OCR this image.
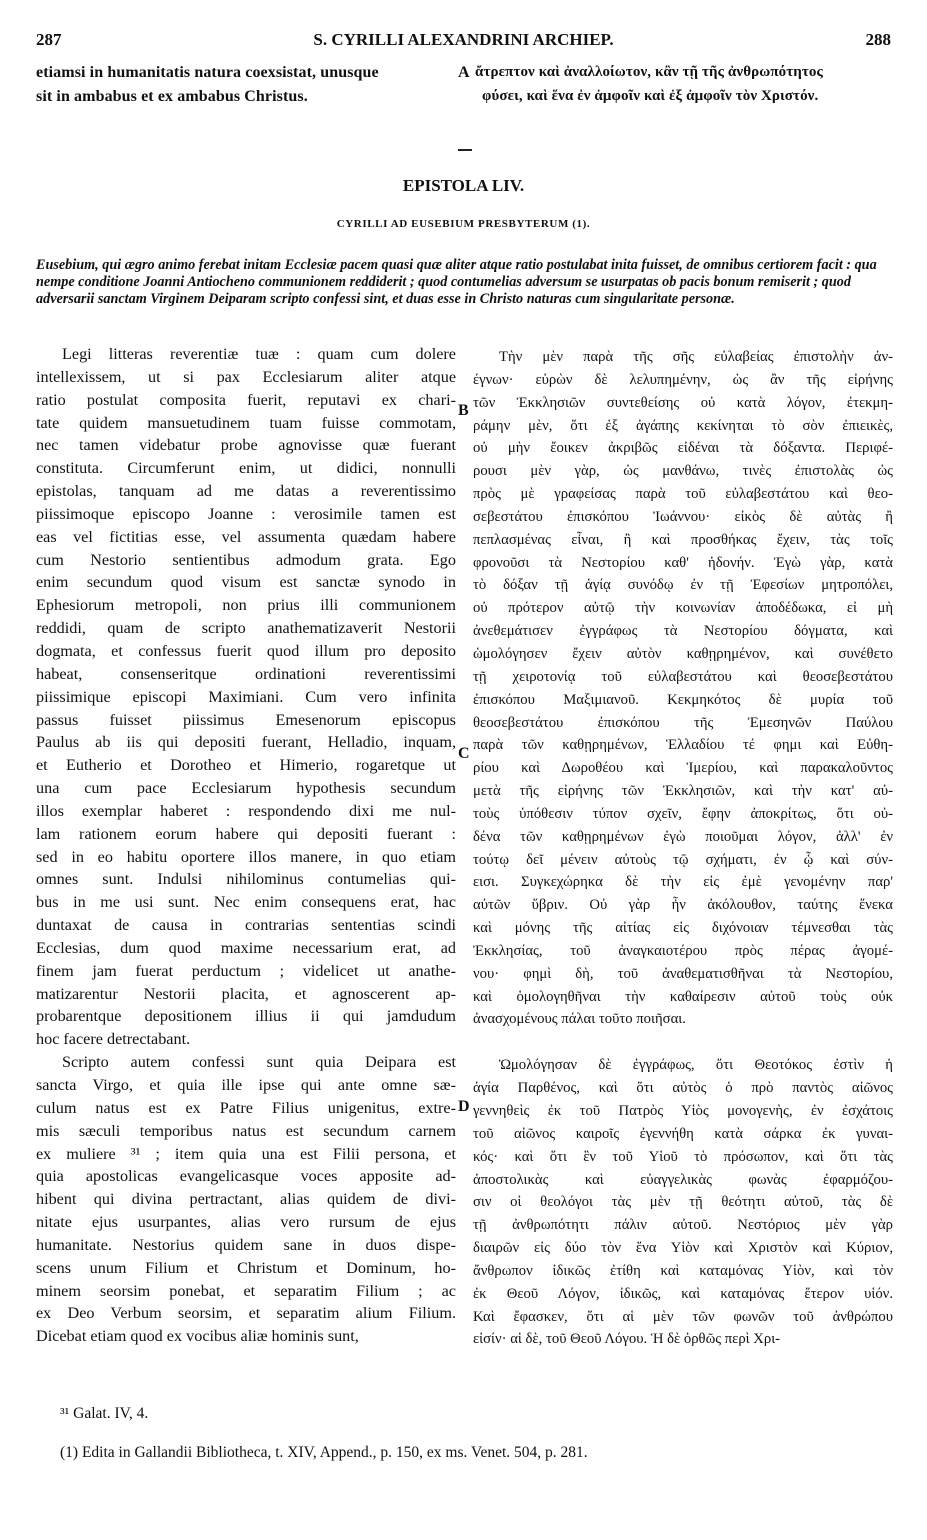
287	S. CYRILLI ALEXANDRINI ARCHIEP.	288
etiamsi in humanitatis natura coexsistat, unusque
sit in ambabus et ex ambabus Christus.
A ἄτρεπτον καὶ ἀναλλοίωτον, κἂν τῇ τῆς ἀνθρωπότητος
φύσει, καὶ ἕνα ἐν ἀμφοῖν καὶ ἐξ ἀμφοῖν τὸν Χριστόν.
EPISTOLA LIV.
CYRILLI AD EUSEBIUM PRESBYTERUM (1).
Eusebium, qui ægro animo ferebat initam Ecclesiæ pacem quasi quæ aliter atque ratio postulabat inita fuisset, de omnibus certiorem facit : qua nempe conditione Joanni Antiocheno communionem reddiderit ; quod contumelias adversum se usurpatas ob pacis bonum remiserit ; quod adversarii sanctam Virginem Deiparam scripto confessi sint, et duas esse in Christo naturas cum singularitate personæ.
Legi litteras reverentiæ tuæ : quam cum dolere
intellexissem, ut si pax Ecclesiarum aliter atque
ratio postulat composita fuerit, reputavi ex chari-
tate quidem mansuetudinem tuam fuisse commotam,
nec tamen videbatur probe agnovisse quæ fuerant
constituta. Circumferunt enim, ut didici, nonnulli
epistolas, tanquam ad me datas a reverentissimo
piissimoque episcopo Joanne : verosimile tamen est
eas vel fictitias esse, vel assumenta quædam habere
cum Nestorio sentientibus admodum grata. Ego
enim secundum quod visum est sanctæ synodo in
Ephesiorum metropoli, non prius illi communionem
reddidi, quam de scripto anathematizaverit Nestorii
dogmata, et confessus fuerit quod illum pro deposito
habeat, consenseritque ordinationi reverentissimi
piissimique episcopi Maximiani. Cum vero infinita
passus fuisset piissimus Emesenorum episcopus
Paulus ab iis qui depositi fuerant, Helladio, inquam,
et Eutherio et Dorotheo et Himerio, rogaretque ut
una cum pace Ecclesiarum hypothesis secundum
illos exemplar haberet : respondendo dixi me nul-
lam rationem eorum habere qui depositi fuerant :
sed in eo habitu oportere illos manere, in quo etiam
omnes sunt. Indulsi nihilominus contumelias qui-
bus in me usi sunt. Nec enim consequens erat, hac
duntaxat de causa in contrarias sententias scindi
Ecclesias, dum quod maxime necessarium erat, ad
finem jam fuerat perductum ; videlicet ut anathe-
matizarentur Nestorii placita, et agnoscerent ap-
probarentque depositionem illius ii qui jamdudum
hoc facere detrectabant.
Scripto autem confessi sunt quia Deipara est
sancta Virgo, et quia ille ipse qui ante omne sæ-
culum natus est ex Patre Filius unigenitus, extre-
mis sæculi temporibus natus est secundum carnem
ex muliere ³¹ ; item quia una est Filii persona, et
quia apostolicas evangelicasque voces apposite ad-
hibent qui divina pertractant, alias quidem de divi-
nitate ejus usurpantes, alias vero rursum de ejus
humanitate. Nestorius quidem sane in duos dispe-
scens unum Filium et Christum et Dominum, ho-
minem seorsim ponebat, et separatim Filium ; ac
ex Deo Verbum seorsim, et separatim alium Filium.
Dicebat etiam quod ex vocibus aliæ hominis sunt,
Τὴν μὲν παρὰ τῆς σῆς εὐλαβείας ἐπιστολὴν ἀν-
έγνων· εὑρὼν δὲ λελυπημένην, ὡς ἂν τῆς εἰρήνης
τῶν Ἐκκλησιῶν συντεθείσης οὐ κατὰ λόγον, ἐτεκμη-
ράμην μὲν, ὅτι ἐξ ἀγάπης κεκίνηται τὸ σὸν ἐπιεικὲς,
οὐ μὴν ἔοικεν ἀκριβῶς εἰδέναι τὰ δόξαντα. Περιφέ-
ρουσι μὲν γὰρ, ὡς μανθάνω, τινὲς ἐπιστολὰς ὡς
πρὸς μὲ γραφείσας παρὰ τοῦ εὐλαβεστάτου καὶ θεο-
σεβεστάτου ἐπισκόπου Ἰωάννου· εἰκὸς δὲ αὐτὰς ἢ
πεπλασμένας εἶναι, ἢ καὶ προσθήκας ἔχειν, τὰς τοῖς
φρονοῦσι τὰ Νεστορίου καθ' ἡδονήν. Ἐγὼ γὰρ, κατὰ
τὸ δόξαν τῇ ἁγίᾳ συνόδῳ ἐν τῇ Ἐφεσίων μητροπόλει,
οὐ πρότερον αὐτῷ τὴν κοινωνίαν ἀποδέδωκα, εἰ μὴ
ἀνεθεμάτισεν ἐγγράφως τὰ Νεστορίου δόγματα, καὶ
ὡμολόγησεν ἔχειν αὐτὸν καθῃρημένον, καὶ συνέθετο
τῇ χειροτονίᾳ τοῦ εὐλαβεστάτου καὶ θεοσεβεστάτου
ἐπισκόπου Μαξιμιανοῦ. Κεκμηκότος δὲ μυρία τοῦ
θεοσεβεστάτου ἐπισκόπου τῆς Ἐμεσηνῶν Παύλου
παρὰ τῶν καθῃρημένων, Ἑλλαδίου τέ φημι καὶ Εὐθη-
ρίου καὶ Δωροθέου καὶ Ἱμερίου, καὶ παρακαλοῦντος
μετὰ τῆς εἰρήνης τῶν Ἐκκλησιῶν, καὶ τὴν κατ' αὐ-
τοὺς ὑπόθεσιν τύπον σχεῖν, ἔφην ἀποκρίτως, ὅτι οὐ-
δένα τῶν καθῃρημένων ἐγὼ ποιοῦμαι λόγον, ἀλλ' ἐν
τούτῳ δεῖ μένειν αὐτοὺς τῷ σχήματι, ἐν ᾧ καὶ σύν-
εισι. Συγκεχώρηκα δὲ τὴν εἰς ἐμὲ γενομένην παρ'
αὐτῶν ὕβριν. Οὐ γὰρ ἦν ἀκόλουθον, ταύτης ἕνεκα
καὶ μόνης τῆς αἰτίας εἰς διχόνοιαν τέμνεσθαι τὰς
Ἐκκλησίας, τοῦ ἀναγκαιοτέρου πρὸς πέρας ἀγομέ-
νου· φημὶ δὴ, τοῦ ἀναθεματισθῆναι τὰ Νεστορίου,
καὶ ὁμολογηθῆναι τὴν καθαίρεσιν αὐτοῦ τοὺς οὐκ
ἀνασχομένους πάλαι τοῦτο ποιῆσαι.
Ὡμολόγησαν δὲ ἐγγράφως, ὅτι Θεοτόκος ἐστὶν ἡ
ἁγία Παρθένος, καὶ ὅτι αὐτὸς ὁ πρὸ παντὸς αἰῶνος
γεννηθεὶς ἐκ τοῦ Πατρὸς Υἱὸς μονογενὴς, ἐν ἐσχάτοις
τοῦ αἰῶνος καιροῖς ἐγεννήθη κατὰ σάρκα ἐκ γυναι-
κός· καὶ ὅτι ἓν τοῦ Υἱοῦ τὸ πρόσωπον, καὶ ὅτι τὰς
ἀποστολικὰς καὶ εὐαγγελικὰς φωνὰς ἐφαρμόζου-
σιν οἱ θεολόγοι τὰς μὲν τῇ θεότητι αὐτοῦ, τὰς δὲ
τῇ ἀνθρωπότητι πάλιν αὐτοῦ. Νεστόριος μὲν γὰρ
διαιρῶν εἰς δύο τὸν ἕνα Υἱὸν καὶ Χριστὸν καὶ Κύριον,
ἄνθρωπον ἰδικῶς ἐτίθη καὶ καταμόνας Υἱὸν, καὶ τὸν
ἐκ Θεοῦ Λόγον, ἰδικῶς, καὶ καταμόνας ἕτερον υἱόν.
Καὶ ἔφασκεν, ὅτι αἱ μὲν τῶν φωνῶν τοῦ ἀνθρώπου
εἰσίν· αἱ δὲ, τοῦ Θεοῦ Λόγου. Ἡ δὲ ὀρθῶς περὶ Χρι-
B
C
D
³¹ Galat. IV, 4.
(1) Edita in Gallandii Bibliotheca, t. XIV, Append., p. 150, ex ms. Venet. 504, p. 281.
